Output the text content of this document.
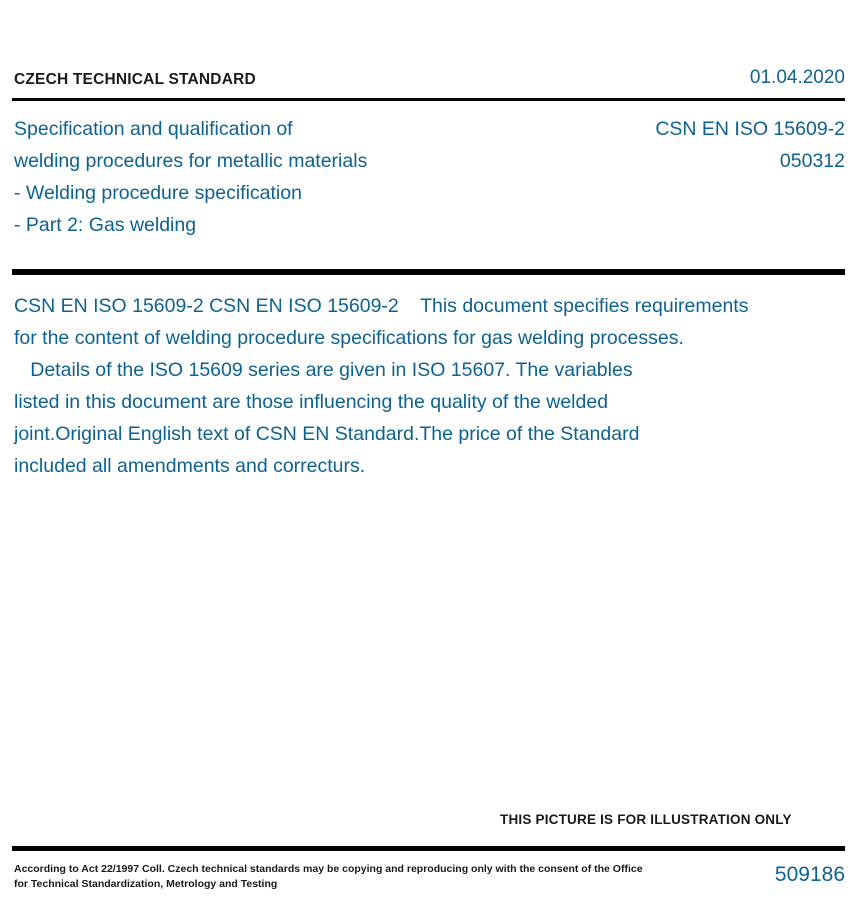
CZECH TECHNICAL STANDARD	01.04.2020
Specification and qualification of
welding procedures for metallic materials
- Welding procedure specification
- Part 2: Gas welding
CSN EN ISO 15609-2
050312
CSN EN ISO 15609-2 CSN EN ISO 15609-2    This document specifies requirements
for the content of welding procedure specifications for gas welding processes.
Details of the ISO 15609 series are given in ISO 15607. The variables
listed in this document are those influencing the quality of the welded
joint.Original English text of CSN EN Standard.The price of the Standard
included all amendments and correcturs.
THIS PICTURE IS FOR ILLUSTRATION ONLY
According to Act 22/1997 Coll. Czech technical standards may be copying and reproducing only with the consent of the Office
for Technical Standardization, Metrology and Testing	509186
